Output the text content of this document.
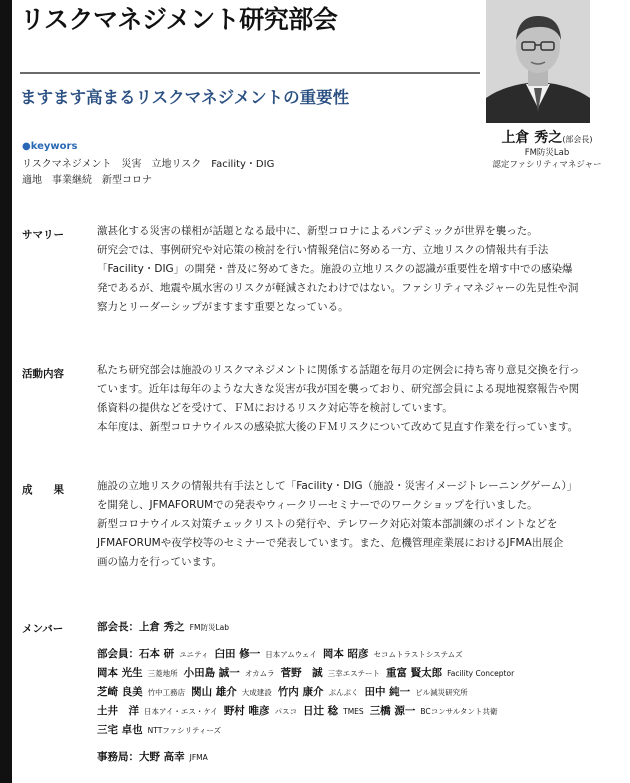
リスクマネジメント研究部会
ますます高まるリスクマネジメントの重要性
上倉 秀之(部会長)
FM防災Lab
認定ファシリティマネジャー
●keywors
リスクマネジメント　災害　立地リスク　Facility・DIG
適地　事業継続　新型コロナ
サマリー	激甚化する災害の様相が話題となる最中に、新型コロナによるパンデミックが世界を襲った。

研究会では、事例研究や対応策の検討を行い情報発信に努める一方、立地リスクの情報共有手法

「Facility・DIG」の開発・普及に努めてきた。施設の立地リスクの認識が重要性を増す中での感染爆

発であるが、地震や風水害のリスクが軽減されたわけではない。ファシリティマネジャーの先見性や洞

察力とリーダーシップがますます重要となっている。

活動内容	私たち研究部会は施設のリスクマネジメントに関係する話題を毎月の定例会に持ち寄り意見交換を行っ

ています。近年は毎年のような大きな災害が我が国を襲っており、研究部会員による現地視察報告や関

係資料の提供などを受けて、ＦＭにおけるリスク対応等を検討しています。

本年度は、新型コロナウイルスの感染拡大後のＦＭリスクについて改めて見直す作業を行っています。

成　　果	施設の立地リスクの情報共有手法として「Facility・DIG（施設・災害イメージトレーニングゲーム）」

を開発し、JFMAFORUMでの発表やウィークリーセミナーでのワークショップを行いました。

新型コロナウイルス対策チェックリストの発行や、テレワーク対応対策本部訓練のポイントなどを

JFMAFORUMや夜学校等のセミナーで発表しています。また、危機管理産業展におけるJFMA出展企

画の協力を行っています。

メンバー	部会長：上倉 秀之 FM防災Lab
部会員：石本 研 ユニティ 臼田 修一 日本アムウェイ 岡本 昭彦 セコムトラストシステムズ
岡本 光生 三菱地所 小田島 誠一 オカムラ 菅野　誠 三幸エステート 重富 賢太郎 Facility Conceptor
芝崎 良美 竹中工務店 関山 雄介 大成建設 竹内 康介 ぷんぷく 田中 純一 ビル減災研究所
土井　洋 日本アイ・エス・ケイ 野村 唯彦 パスコ 日辻 稔 TMES 三橋 源一 BCコンサルタント共衛
三宅 卓也 NTTファシリティーズ
事務局：大野 高幸 JFMA
